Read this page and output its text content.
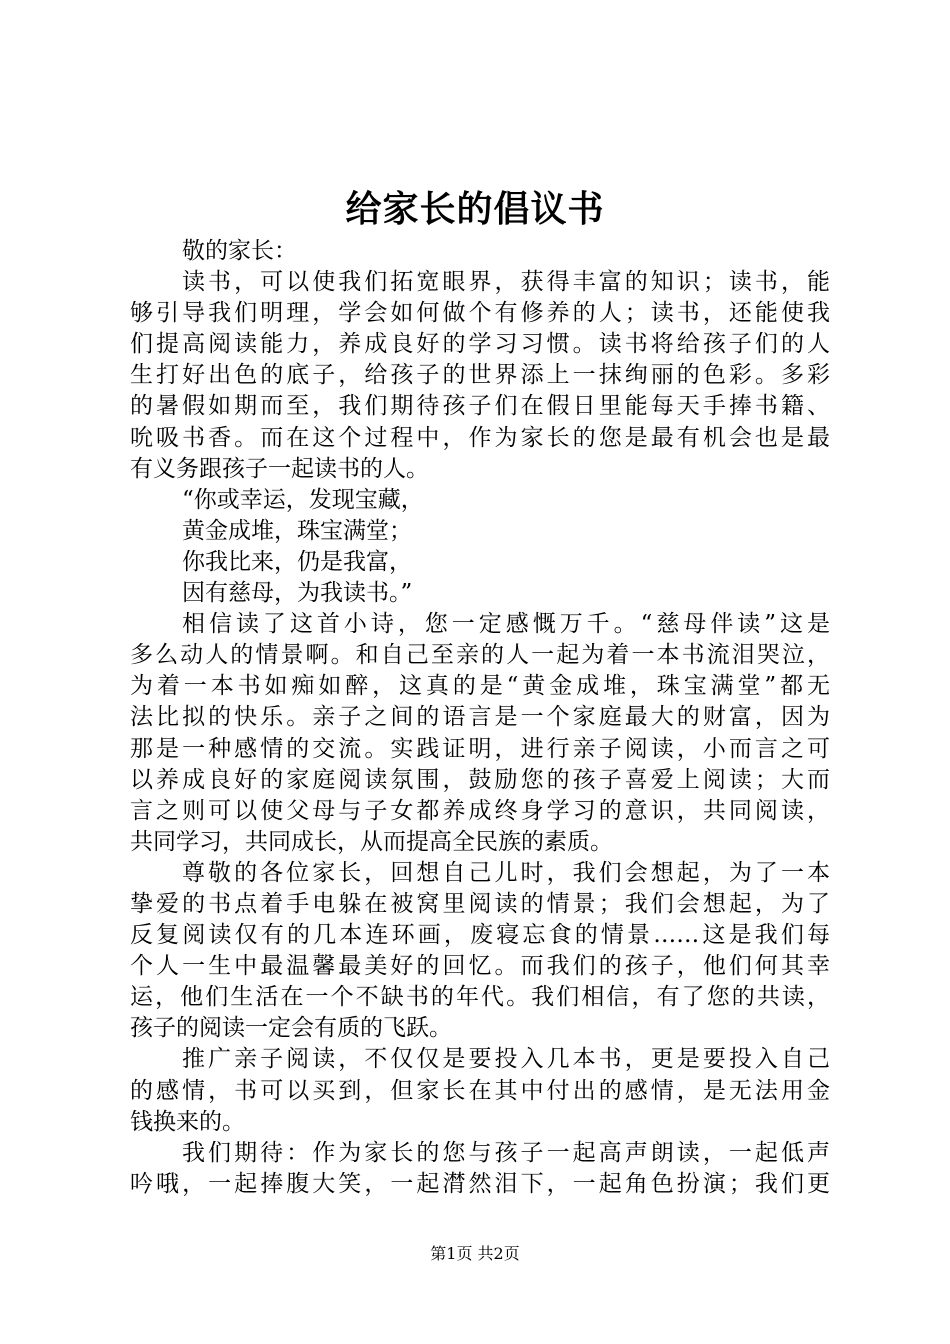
给家长的倡议书
敬的家长：
读书，可以使我们拓宽眼界，获得丰富的知识；读书，能
够引导我们明理，学会如何做个有修养的人；读书，还能使我
们提高阅读能力，养成良好的学习习惯。读书将给孩子们的人
生打好出色的底子，给孩子的世界添上一抹绚丽的色彩。多彩
的暑假如期而至，我们期待孩子们在假日里能每天手捧书籍、
吮吸书香。而在这个过程中，作为家长的您是最有机会也是最
有义务跟孩子一起读书的人。
“你或幸运，发现宝藏，
黄金成堆，珠宝满堂；
你我比来，仍是我富，
因有慈母，为我读书。”
相信读了这首小诗，您一定感慨万千。“慈母伴读”这是
多么动人的情景啊。和自己至亲的人一起为着一本书流泪哭泣，
为着一本书如痴如醉，这真的是“黄金成堆，珠宝满堂”都无
法比拟的快乐。亲子之间的语言是一个家庭最大的财富，因为
那是一种感情的交流。实践证明，进行亲子阅读，小而言之可
以养成良好的家庭阅读氛围，鼓励您的孩子喜爱上阅读；大而
言之则可以使父母与子女都养成终身学习的意识，共同阅读，
共同学习，共同成长，从而提高全民族的素质。
尊敬的各位家长，回想自己儿时，我们会想起，为了一本
挚爱的书点着手电躲在被窝里阅读的情景；我们会想起，为了
反复阅读仅有的几本连环画，废寝忘食的情景……这是我们每
个人一生中最温馨最美好的回忆。而我们的孩子，他们何其幸
运，他们生活在一个不缺书的年代。我们相信，有了您的共读，
孩子的阅读一定会有质的飞跃。
推广亲子阅读，不仅仅是要投入几本书，更是要投入自己
的感情，书可以买到，但家长在其中付出的感情，是无法用金
钱换来的。
我们期待：作为家长的您与孩子一起高声朗读，一起低声
吟哦，一起捧腹大笑，一起潸然泪下，一起角色扮演；我们更
第1页 共2页
